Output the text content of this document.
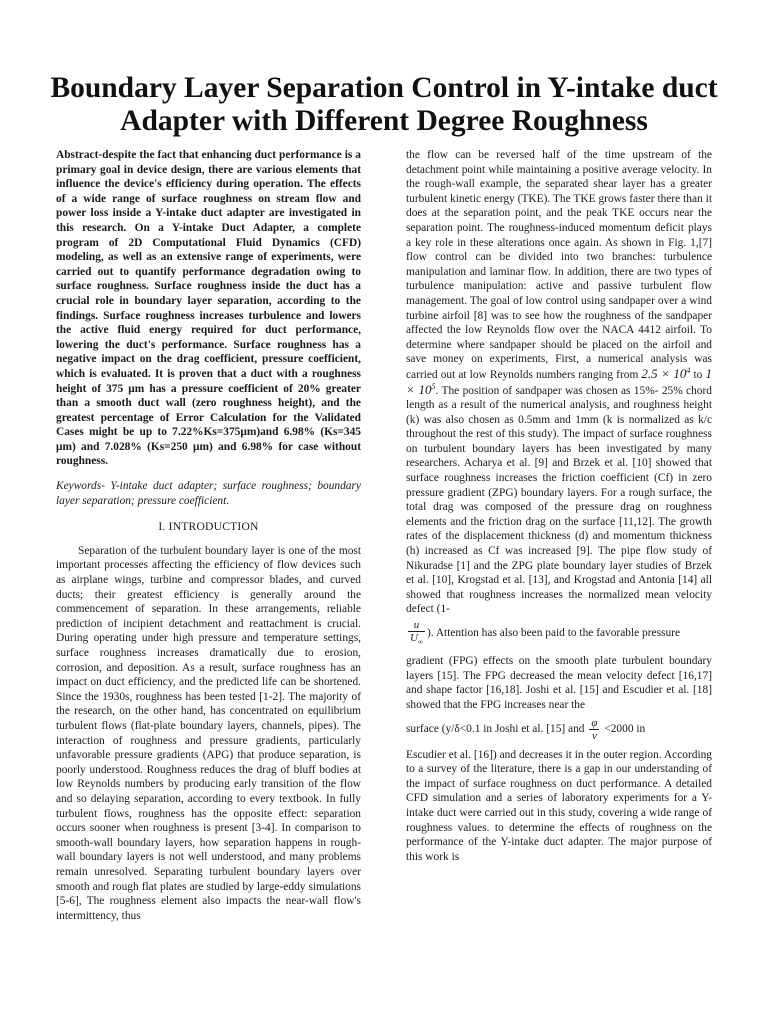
Boundary Layer Separation Control in Y-intake duct Adapter with Different Degree Roughness

Abstract-despite the fact that enhancing duct performance is a primary goal in device design, there are various elements that influence the device's efficiency during operation. The effects of a wide range of surface roughness on stream flow and power loss inside a Y-intake duct adapter are investigated in this research. On a Y-intake Duct Adapter, a complete program of 2D Computational Fluid Dynamics (CFD) modeling, as well as an extensive range of experiments, were carried out to quantify performance degradation owing to surface roughness. Surface roughness inside the duct has a crucial role in boundary layer separation, according to the findings. Surface roughness increases turbulence and lowers the active fluid energy required for duct performance, lowering the duct's performance. Surface roughness has a negative impact on the drag coefficient, pressure coefficient, which is evaluated. It is proven that a duct with a roughness height of 375 μm has a pressure coefficient of 20% greater than a smooth duct wall (zero roughness height), and the greatest percentage of Error Calculation for the Validated Cases might be up to 7.22%Ks=375μm)and 6.98% (Ks=345 μm) and 7.028% (Ks=250 μm) and 6.98% for case without roughness.

Keywords- Y-intake duct adapter; surface roughness; boundary layer separation; pressure coefficient.

I. INTRODUCTION

Separation of the turbulent boundary layer is one of the most important processes affecting the efficiency of flow devices such as airplane wings, turbine and compressor blades, and curved ducts; their greatest efficiency is generally around the commencement of separation. In these arrangements, reliable prediction of incipient detachment and reattachment is crucial. During operating under high pressure and temperature settings, surface roughness increases dramatically due to erosion, corrosion, and deposition. As a result, surface roughness has an impact on duct efficiency, and the predicted life can be shortened. Since the 1930s, roughness has been tested [1-2]. The majority of the research, on the other hand, has concentrated on equilibrium turbulent flows (flat-plate boundary layers, channels, pipes). The interaction of roughness and pressure gradients, particularly unfavorable pressure gradients (APG) that produce separation, is poorly understood. Roughness reduces the drag of bluff bodies at low Reynolds numbers by producing early transition of the flow and so delaying separation, according to every textbook. In fully turbulent flows, roughness has the opposite effect: separation occurs sooner when roughness is present [3-4]. In comparison to smooth-wall boundary layers, how separation happens in rough-wall boundary layers is not well understood, and many problems remain unresolved. Separating turbulent boundary layers over smooth and rough flat plates are studied by large-eddy simulations [5-6], The roughness element also impacts the near-wall flow's intermittency, thus

the flow can be reversed half of the time upstream of the detachment point while maintaining a positive average velocity. In the rough-wall example, the separated shear layer has a greater turbulent kinetic energy (TKE). The TKE grows faster there than it does at the separation point, and the peak TKE occurs near the separation point. The roughness-induced momentum deficit plays a key role in these alterations once again. As shown in Fig. 1,[7] flow control can be divided into two branches: turbulence manipulation and laminar flow. In addition, there are two types of turbulence manipulation: active and passive turbulent flow management. The goal of low control using sandpaper over a wind turbine airfoil [8] was to see how the roughness of the sandpaper affected the low Reynolds flow over the NACA 4412 airfoil. To determine where sandpaper should be placed on the airfoil and save money on experiments, First, a numerical analysis was carried out at low Reynolds numbers ranging from $2.5 \times 10^4$ to $1 \times 10^5$. The position of sandpaper was chosen as 15%- 25% chord length as a result of the numerical analysis, and roughness height (k) was also chosen as 0.5mm and 1mm (k is normalized as k/c throughout the rest of this study). The impact of surface roughness on turbulent boundary layers has been investigated by many researchers. Acharya et al. [9] and Brzek et al. [10] showed that surface roughness increases the friction coefficient (Cf) in zero pressure gradient (ZPG) boundary layers. For a rough surface, the total drag was composed of the pressure drag on roughness elements and the friction drag on the surface [11,12]. The growth rates of the displacement thickness (d) and momentum thickness (h) increased as Cf was increased [9]. The pipe flow study of Nikuradse [1] and the ZPG plate boundary layer studies of Brzek et al. [10], Krogstad et al. [13], and Krogstad and Antonia [14] all showed that roughness increases the normalized mean velocity defect (1-

$\frac{u}{U_\infty}$ ). Attention has also been paid to the favorable pressure

gradient (FPG) effects on the smooth plate turbulent boundary layers [15]. The FPG decreased the mean velocity defect [16,17] and shape factor [16,18]. Joshi et al. [15] and Escudier et al. [18] showed that the FPG increases near the

surface (y/δ<0.1 in Joshi et al. [15] and $\frac{\varphi}{\nu} <2000$ in

Escudier et al. [16]) and decreases it in the outer region. According to a survey of the literature, there is a gap in our understanding of the impact of surface roughness on duct performance. A detailed CFD simulation and a series of laboratory experiments for a Y-intake duct were carried out in this study, covering a wide range of roughness values. to determine the effects of roughness on the performance of the Y-intake duct adapter. The major purpose of this work is
